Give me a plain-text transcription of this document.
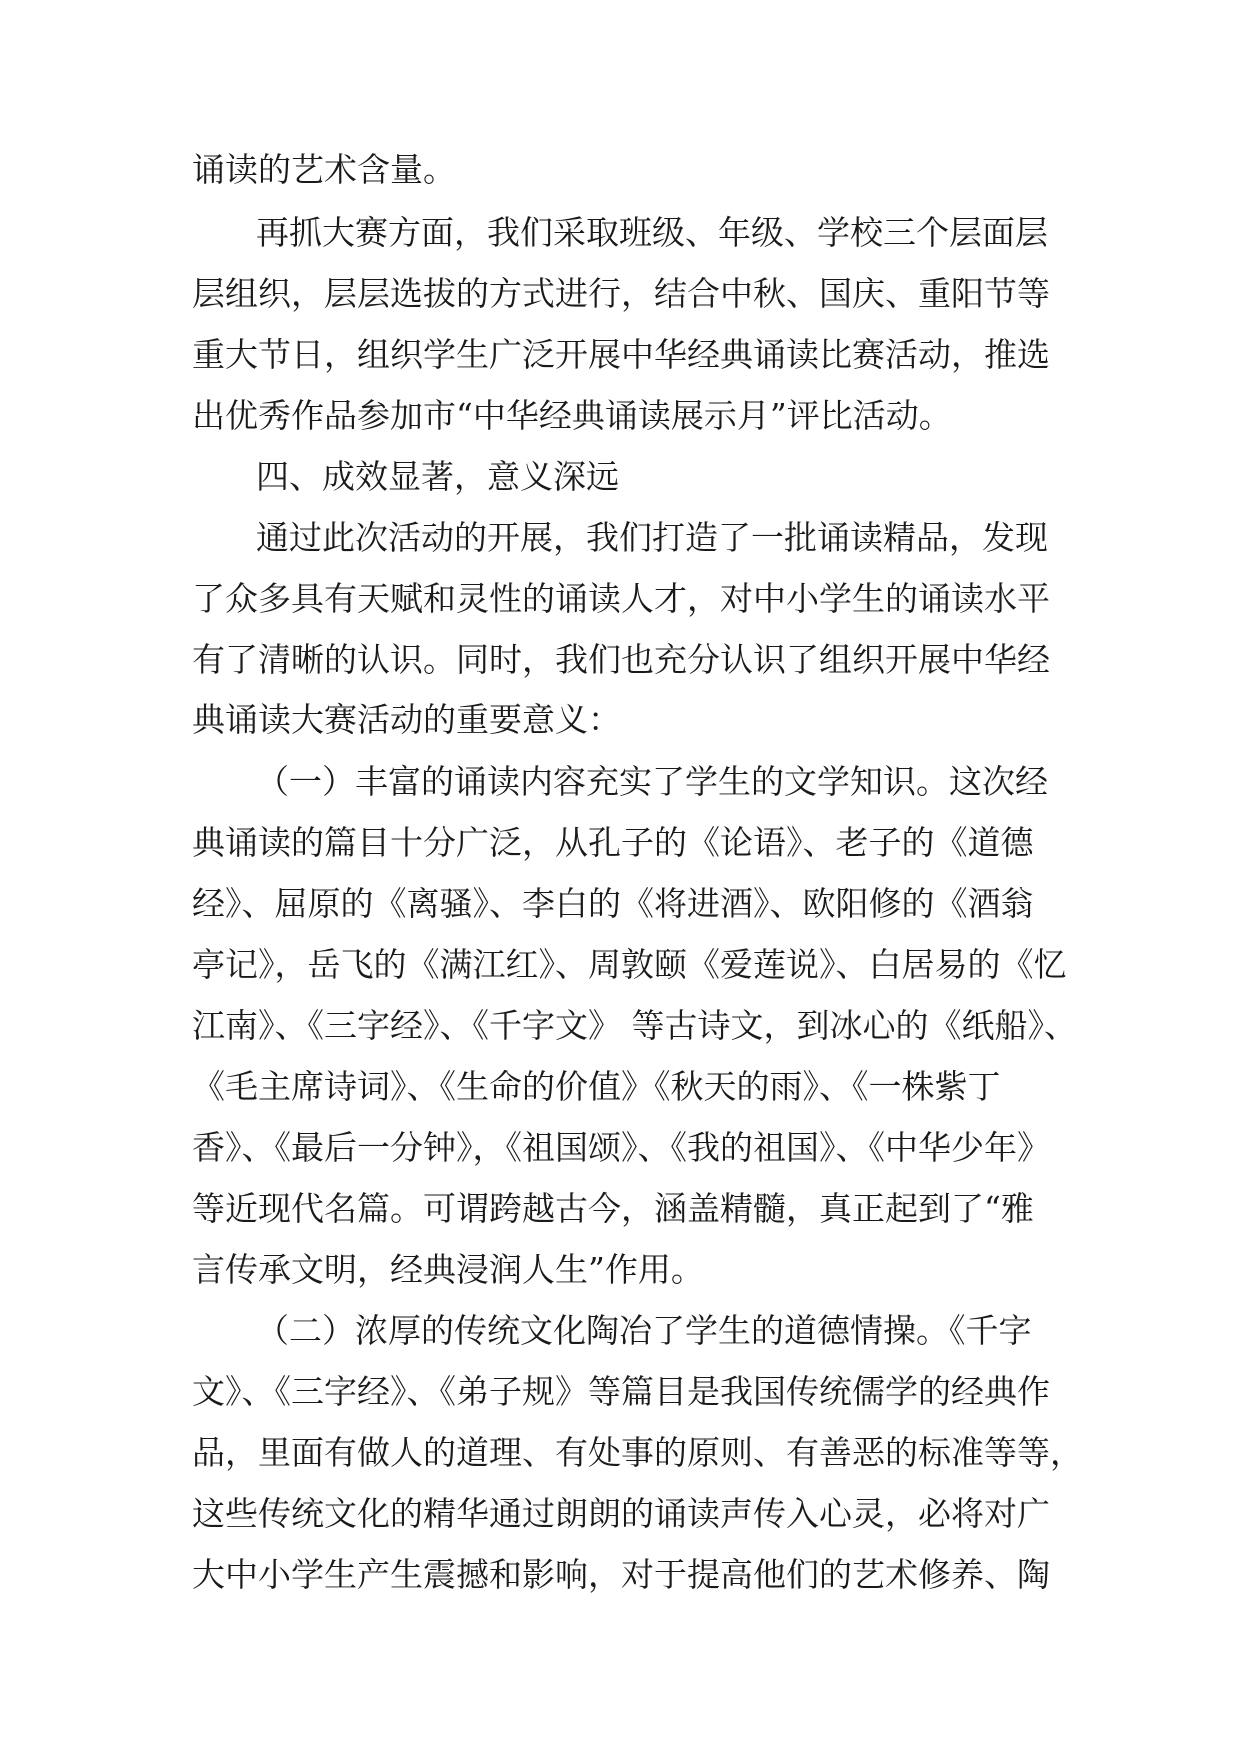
诵读的艺术含量。
再抓大赛方面，我们采取班级、年级、学校三个层面层
层组织，层层选拔的方式进行，结合中秋、国庆、重阳节等
重大节日，组织学生广泛开展中华经典诵读比赛活动，推选
出优秀作品参加市“中华经典诵读展示月”评比活动。
四、成效显著，意义深远
通过此次活动的开展，我们打造了一批诵读精品，发现
了众多具有天赋和灵性的诵读人才，对中小学生的诵读水平
有了清晰的认识。同时，我们也充分认识了组织开展中华经
典诵读大赛活动的重要意义：
（一）丰富的诵读内容充实了学生的文学知识。这次经
典诵读的篇目十分广泛，从孔子的《论语》、老子的《道德
经》、屈原的《离骚》、李白的《将进酒》、欧阳修的《酒翁
亭记》，岳飞的《满江红》、周敦颐《爱莲说》、白居易的《忆
江南》、《三字经》、《千字文》 等古诗文，到冰心的《纸船》、
《毛主席诗词》、《生命的价值》《秋天的雨》、《一株紫丁
香》、《最后一分钟》，《祖国颂》、《我的祖国》、《中华少年》
等近现代名篇。可谓跨越古今，涵盖精髓，真正起到了“雅
言传承文明，经典浸润人生”作用。
（二）浓厚的传统文化陶冶了学生的道德情操。《千字
文》、《三字经》、《弟子规》等篇目是我国传统儒学的经典作
品，里面有做人的道理、有处事的原则、有善恶的标准等等，
这些传统文化的精华通过朗朗的诵读声传入心灵，必将对广
大中小学生产生震撼和影响，对于提高他们的艺术修养、陶
